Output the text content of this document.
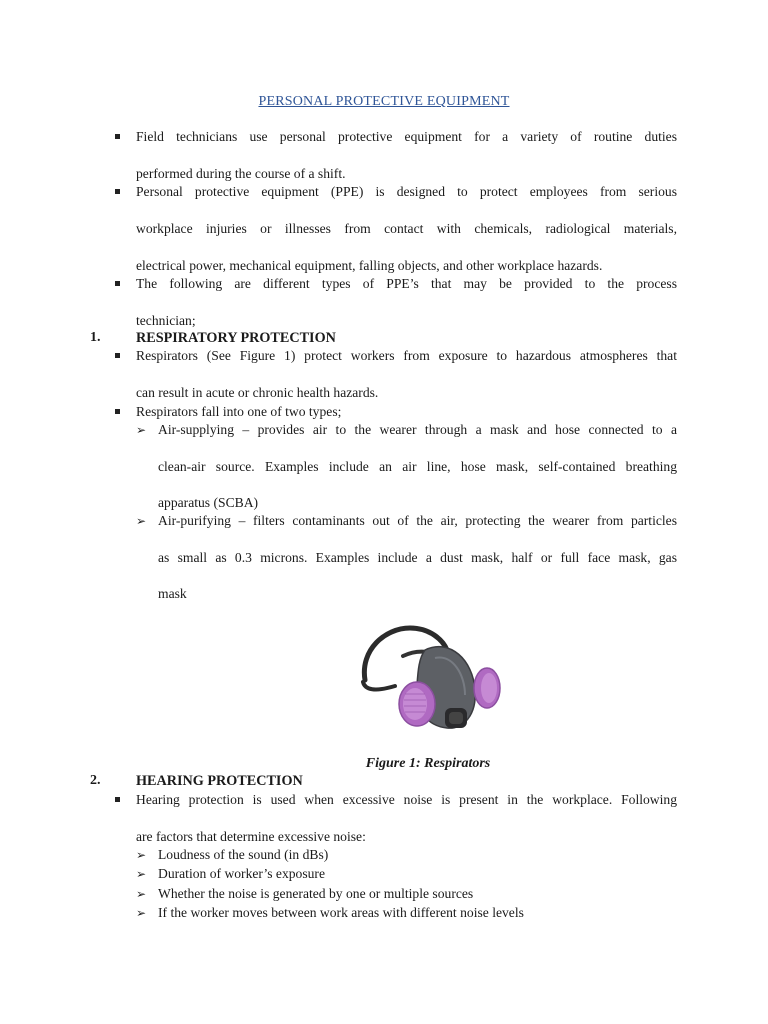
PERSONAL PROTECTIVE EQUIPMENT
Field technicians use personal protective equipment for a variety of routine duties
performed during the course of a shift.
Personal protective equipment (PPE) is designed to protect employees from serious
workplace injuries or illnesses from contact with chemicals, radiological materials,
electrical power, mechanical equipment, falling objects, and other workplace hazards.
The following are different types of PPE’s that may be provided to the process
technician;
1.	RESPIRATORY PROTECTION
Respirators (See Figure 1) protect workers from exposure to hazardous atmospheres that
can result in acute or chronic health hazards.
Respirators fall into one of two types;
➢ Air-supplying – provides air to the wearer through a mask and hose connected to a
clean-air source. Examples include an air line, hose mask, self-contained breathing
apparatus (SCBA)
➢ Air-purifying – filters contaminants out of the air, protecting the wearer from particles
as small as 0.3 microns. Examples include a dust mask, half or full face mask, gas
mask
Figure 1: Respirators
2.	HEARING PROTECTION
Hearing protection is used when excessive noise is present in the workplace. Following
are factors that determine excessive noise:
➢ Loudness of the sound (in dBs)
➢ Duration of worker’s exposure
➢ Whether the noise is generated by one or multiple sources
➢ If the worker moves between work areas with different noise levels
